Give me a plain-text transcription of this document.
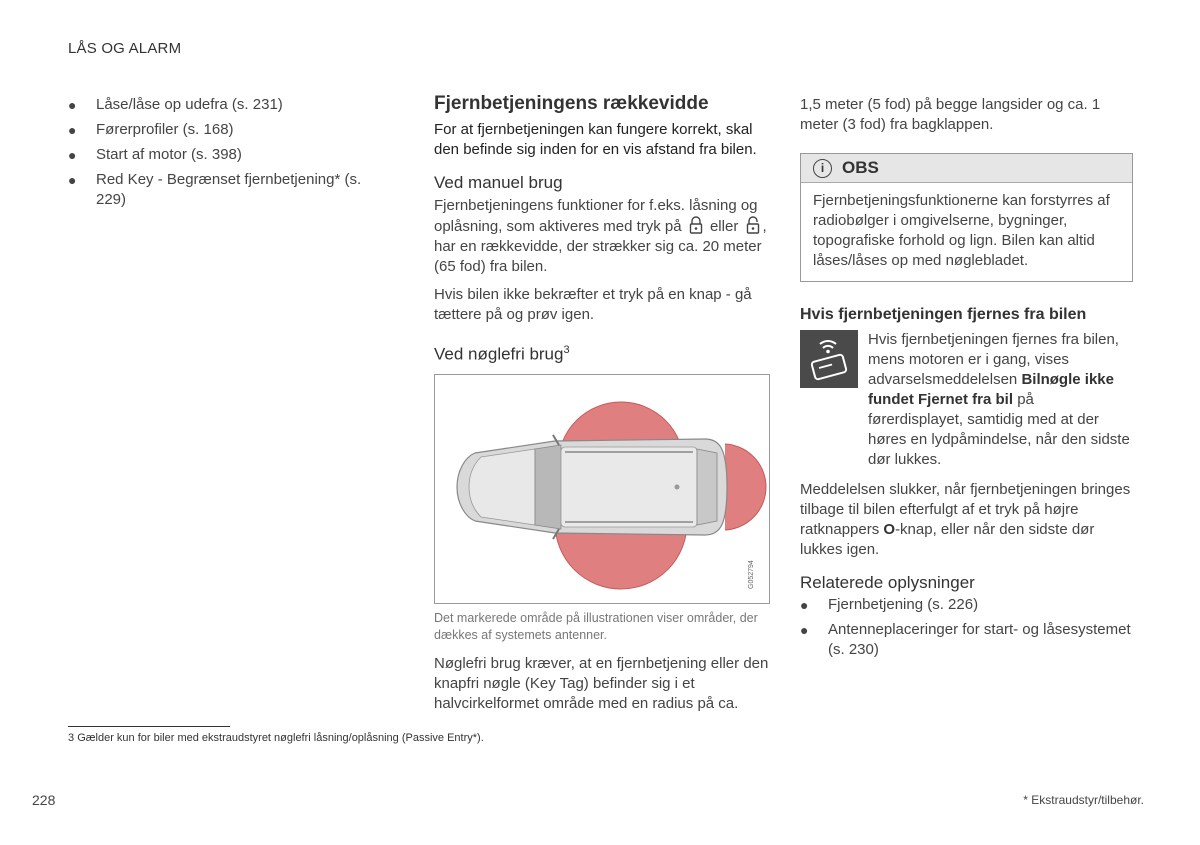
LÅS OG ALARM
● Låse/låse op udefra (s. 231)
● Førerprofiler (s. 168)
● Start af motor (s. 398)
● Red Key - Begrænset fjernbetjening* (s. 229)
Fjernbetjeningens rækkevidde

For at fjernbetjeningen kan fungere korrekt, skal den befinde sig inden for en vis afstand fra bilen.

Ved manuel brug

Fjernbetjeningens funktioner for f.eks. låsning og oplåsning, som aktiveres med tryk på eller , har en rækkevidde, der strækker sig ca. 20 meter (65 fod) fra bilen.

Hvis bilen ikke bekræfter et tryk på en knap - gå tættere på og prøv igen.

Ved nøglefri brug$^3$
G052794
Det markerede område på illustrationen viser områder, der dækkes af systemets antenner.

Nøglefri brug kræver, at en fjernbetjening eller den knapfri nøgle (Key Tag) befinder sig i et halvcirkelformet område med en radius på ca.

1,5 meter (5 fod) på begge langsider og ca. 1 meter (3 fod) fra bagklappen.

i	OBS
Fjernbetjeningsfunktionerne kan forstyrres af radiobølger i omgivelserne, bygninger, topografiske forhold og lign. Bilen kan altid låses/låses op med nøglebladet.
Hvis fjernbetjeningen fjernes fra bilen

Hvis fjernbetjeningen fjernes fra bilen, mens motoren er i gang, vises advarselsmeddelelsen Bilnøgle ikke fundet Fjernet fra bil på førerdisplayet, samtidig med at der høres en lydpåmindelse, når den sidste dør lukkes.

Meddelelsen slukker, når fjernbetjeningen bringes tilbage til bilen efterfulgt af et tryk på højre ratknappers O-knap, eller når den sidste dør lukkes igen.

Relaterede oplysninger
● Fjernbetjening (s. 226)
● Antenneplaceringer for start- og låsesystemet (s. 230)
3 Gælder kun for biler med ekstraudstyret nøglefri låsning/oplåsning (Passive Entry*).
228	* Ekstraudstyr/tilbehør.
